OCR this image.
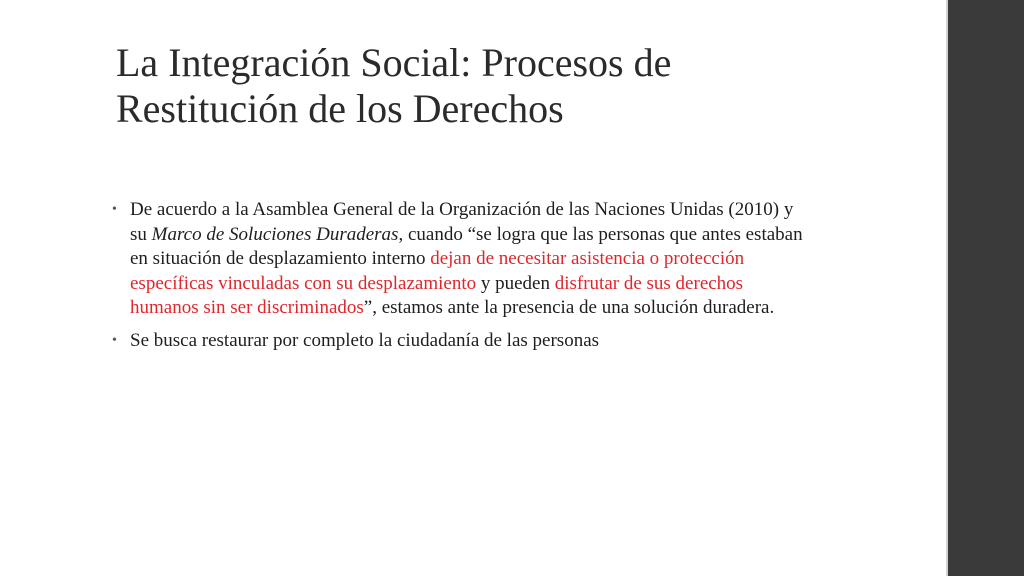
La Integración Social: Procesos de
Restitución de los Derechos
• De acuerdo a la Asamblea General de la Organización de las Naciones Unidas (2010) y su Marco de Soluciones Duraderas, cuando “se logra que las personas que antes estaban en situación de desplazamiento interno dejan de necesitar asistencia o protección específicas vinculadas con su desplazamiento y pueden disfrutar de sus derechos humanos sin ser discriminados”, estamos ante la presencia de una solución duradera.
• Se busca restaurar por completo la ciudadanía de las personas
